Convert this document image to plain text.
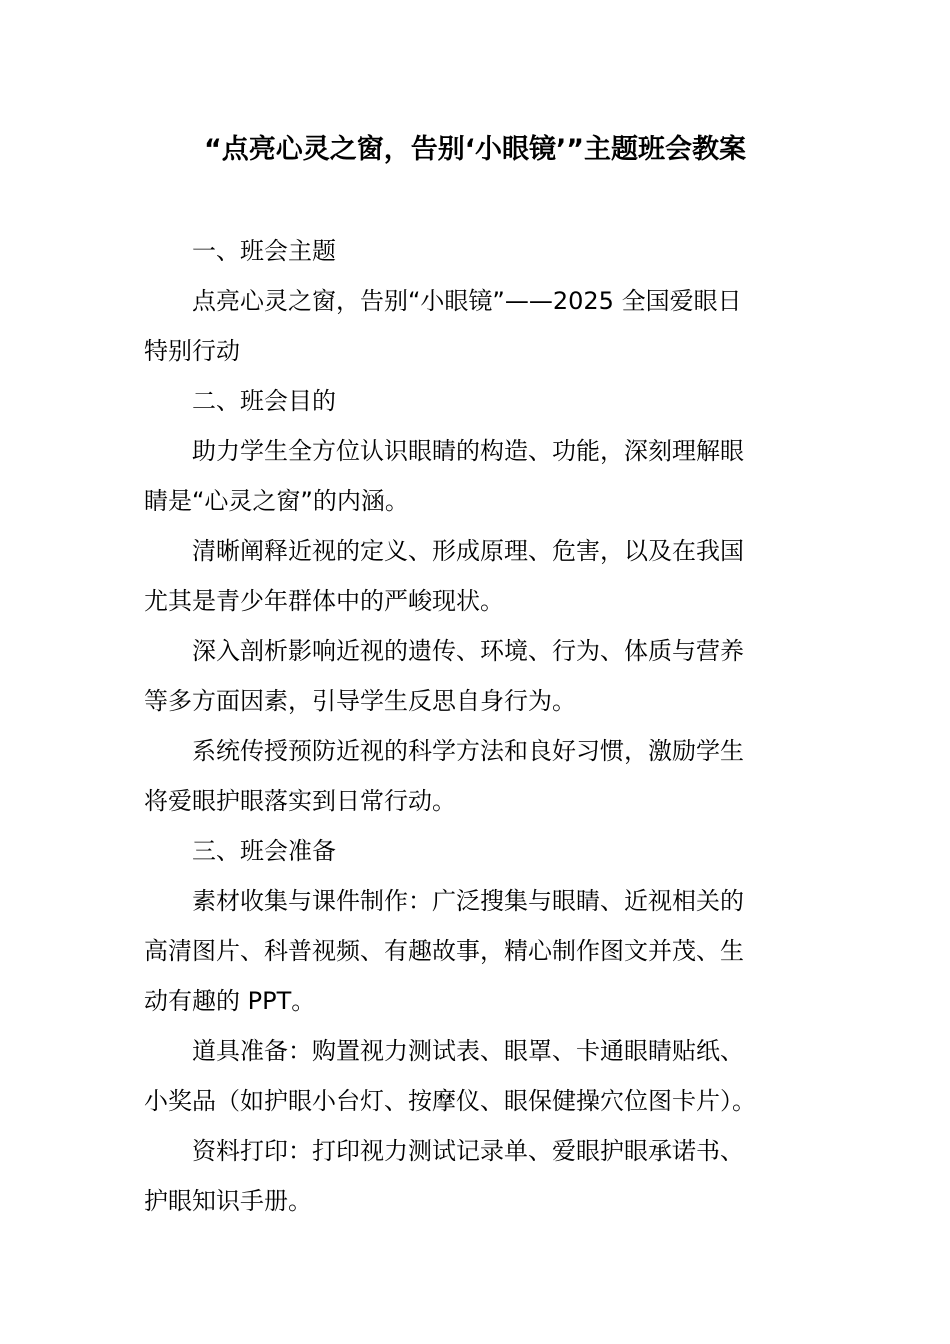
“点亮心灵之窗，告别‘小眼镜’”主题班会教案

一、班会主题

点亮心灵之窗，告别“小眼镜”——2025 全国爱眼日
特别行动

二、班会目的

助力学生全方位认识眼睛的构造、功能，深刻理解眼
睛是“心灵之窗”的内涵。

清晰阐释近视的定义、形成原理、危害，以及在我国
尤其是青少年群体中的严峻现状。

深入剖析影响近视的遗传、环境、行为、体质与营养
等多方面因素，引导学生反思自身行为。

系统传授预防近视的科学方法和良好习惯，激励学生
将爱眼护眼落实到日常行动。

三、班会准备

素材收集与课件制作：广泛搜集与眼睛、近视相关的
高清图片、科普视频、有趣故事，精心制作图文并茂、生
动有趣的 PPT。

道具准备：购置视力测试表、眼罩、卡通眼睛贴纸、
小奖品（如护眼小台灯、按摩仪、眼保健操穴位图卡片）。

资料打印：打印视力测试记录单、爱眼护眼承诺书、
护眼知识手册。
